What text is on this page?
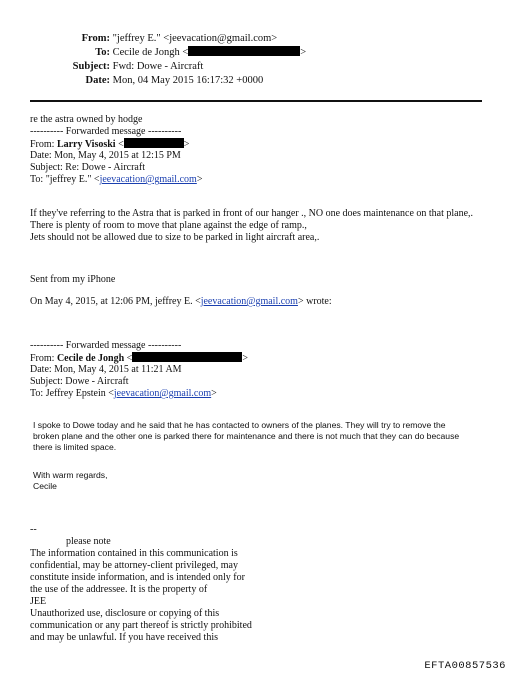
From: "jeffrey E." <jeevacation@gmail.com>
To: Cecile de Jongh <	>
Subject: Fwd: Dowe - Aircraft
Date: Mon, 04 May 2015 16:17:32 +0000
re the astra owned by hodge
---------- Forwarded message ----------
From: Larry Visoski <	>
Date: Mon, May 4, 2015 at 12:15 PM
Subject: Re: Dowe - Aircraft
To: "jeffrey E." <jeevacation@gmail.com>
If they've referring to the Astra that is parked in front of our hanger ., NO one does maintenance on that plane,.
There is plenty of room to move that plane against the edge of ramp.,
Jets should not be allowed due to size to be parked in light aircraft area,.
Sent from my iPhone
On May 4, 2015, at 12:06 PM, jeffrey E. <jeevacation@gmail.com> wrote:
---------- Forwarded message ----------
From: Cecile de Jongh <	>
Date: Mon, May 4, 2015 at 11:21 AM
Subject: Dowe - Aircraft
To: Jeffrey Epstein <jeevacation@gmail.com>
I spoke to Dowe today and he said that he has contacted to owners of the planes. They will try to remove the
broken plane and the other one is parked there for maintenance and there is not much that they can do because
there is limited space.
With warm regards,
Cecile
--
please note
The information contained in this communication is
confidential, may be attorney-client privileged, may
constitute inside information, and is intended only for
the use of the addressee. It is the property of
JEE
Unauthorized use, disclosure or copying of this
communication or any part thereof is strictly prohibited
and may be unlawful. If you have received this
EFTA00857536
